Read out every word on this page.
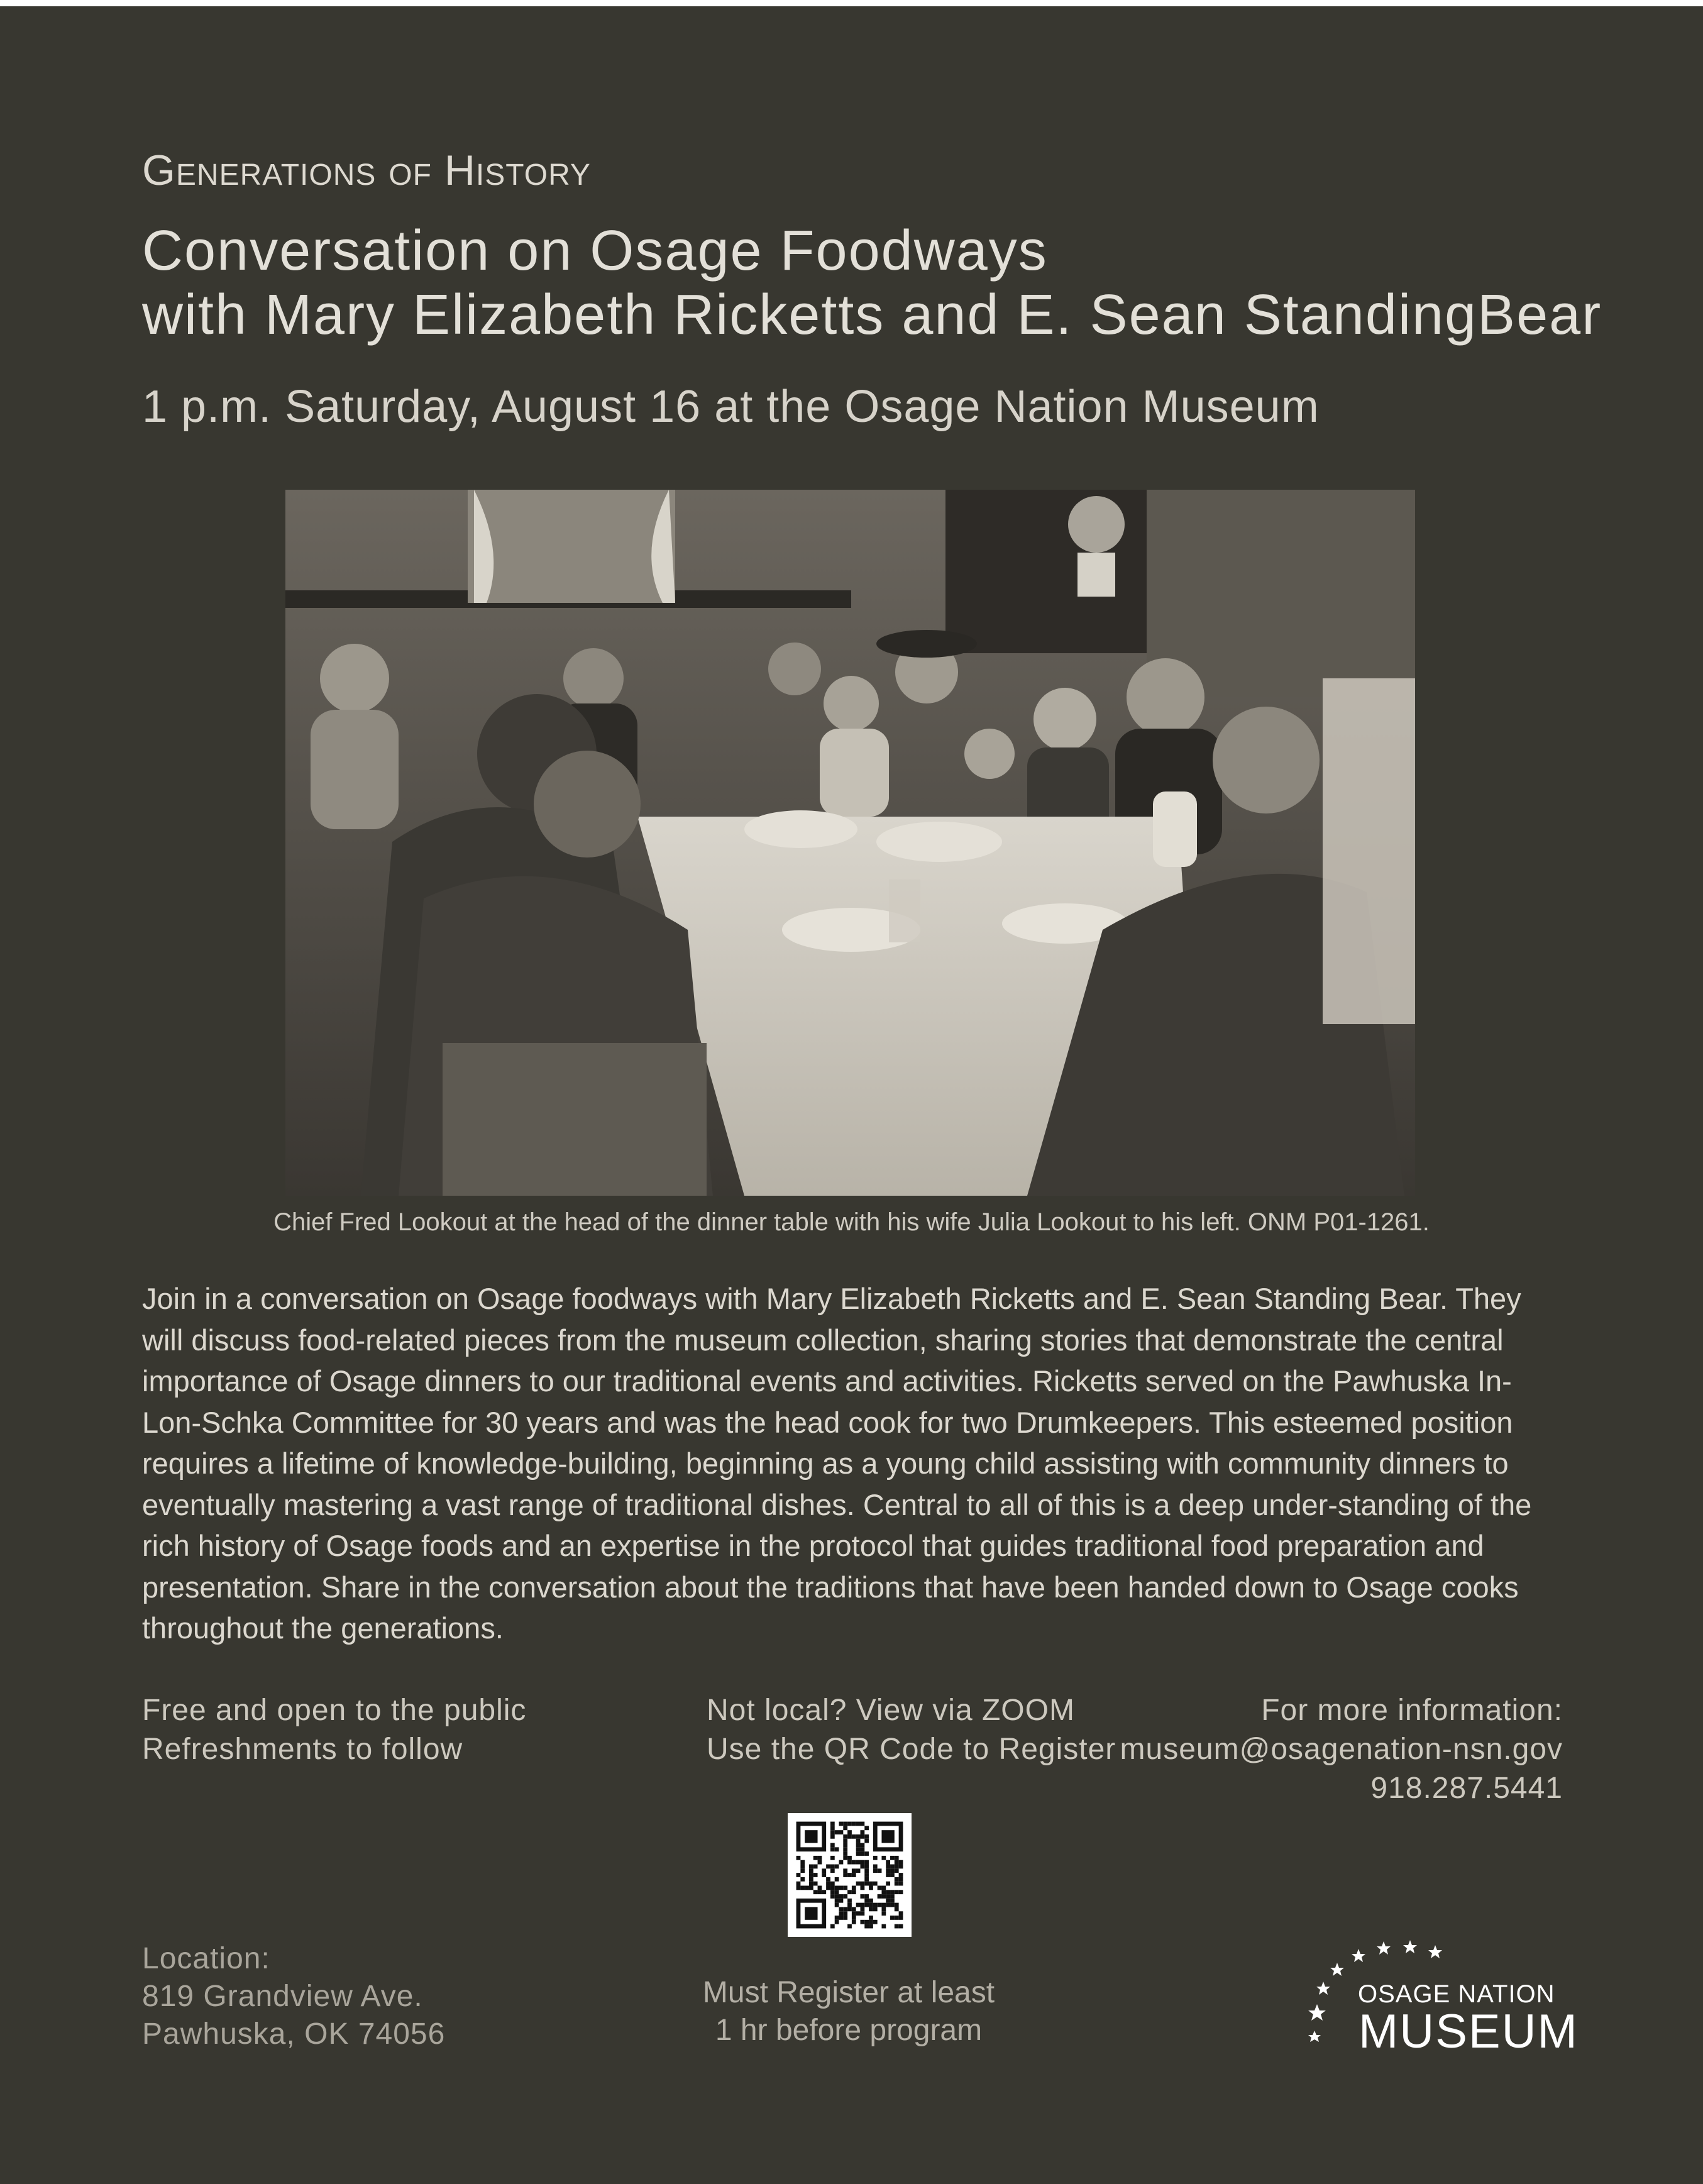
Generations of History
Conversation on Osage Foodways
with Mary Elizabeth Ricketts and E. Sean StandingBear
1 p.m. Saturday, August 16 at the Osage Nation Museum
Chief Fred Lookout at the head of the dinner table with his wife Julia Lookout to his left. ONM P01-1261.
Join in a conversation on Osage foodways with Mary Elizabeth Ricketts and E. Sean Standing Bear. They will discuss food-related pieces from the museum collection, sharing stories that demonstrate the central importance of Osage dinners to our traditional events and activities. Ricketts served on the Pawhuska In-Lon-Schka Committee for 30 years and was the head cook for two Drumkeepers. This esteemed position requires a lifetime of knowledge-building, beginning as a young child assisting with community dinners to eventually mastering a vast range of traditional dishes. Central to all of this is a deep under-standing of the rich history of Osage foods and an expertise in the protocol that guides traditional food preparation and presentation. Share in the conversation about the traditions that have been handed down to Osage cooks throughout the generations.
Free and open to the public
Refreshments to follow
Not local? View via ZOOM
Use the QR Code to Register
For more information:
museum@osagenation-nsn.gov
918.287.5441
Location:
819 Grandview Ave.
Pawhuska, OK 74056
Must Register at least
1 hr before program
OSAGE NATION
MUSEUM
